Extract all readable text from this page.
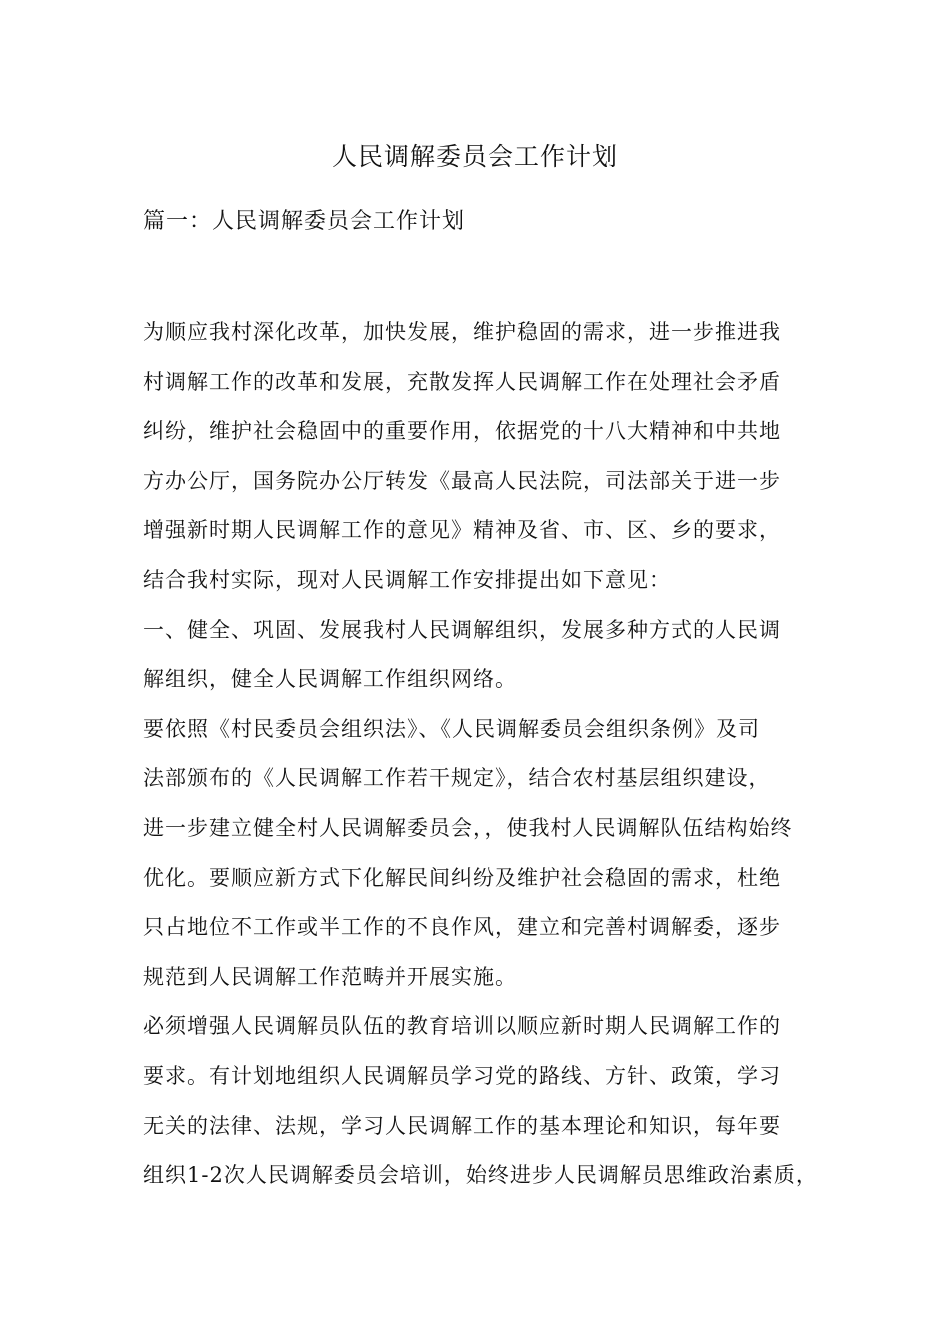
人民调解委员会工作计划

篇一：人民调解委员会工作计划

为顺应我村深化改革，加快发展，维护稳固的需求，进一步推进我
村调解工作的改革和发展，充散发挥人民调解工作在处理社会矛盾
纠纷，维护社会稳固中的重要作用，依据党的十八大精神和中共地
方办公厅，国务院办公厅转发《最高人民法院，司法部关于进一步
增强新时期人民调解工作的意见》精神及省、市、区、乡的要求，
结合我村实际，现对人民调解工作安排提出如下意见：
一、健全、巩固、发展我村人民调解组织，发展多种方式的人民调
解组织，健全人民调解工作组织网络。
要依照《村民委员会组织法》、《人民调解委员会组织条例》及司
法部颁布的《人民调解工作若干规定》，结合农村基层组织建设，
进一步建立健全村人民调解委员会，，使我村人民调解队伍结构始终
优化。要顺应新方式下化解民间纠纷及维护社会稳固的需求，杜绝
只占地位不工作或半工作的不良作风，建立和完善村调解委，逐步
规范到人民调解工作范畴并开展实施。
必须增强人民调解员队伍的教育培训以顺应新时期人民调解工作的
要求。有计划地组织人民调解员学习党的路线、方针、政策，学习
无关的法律、法规，学习人民调解工作的基本理论和知识，每年要
组织1-2次人民调解委员会培训，始终进步人民调解员思维政治素质，
